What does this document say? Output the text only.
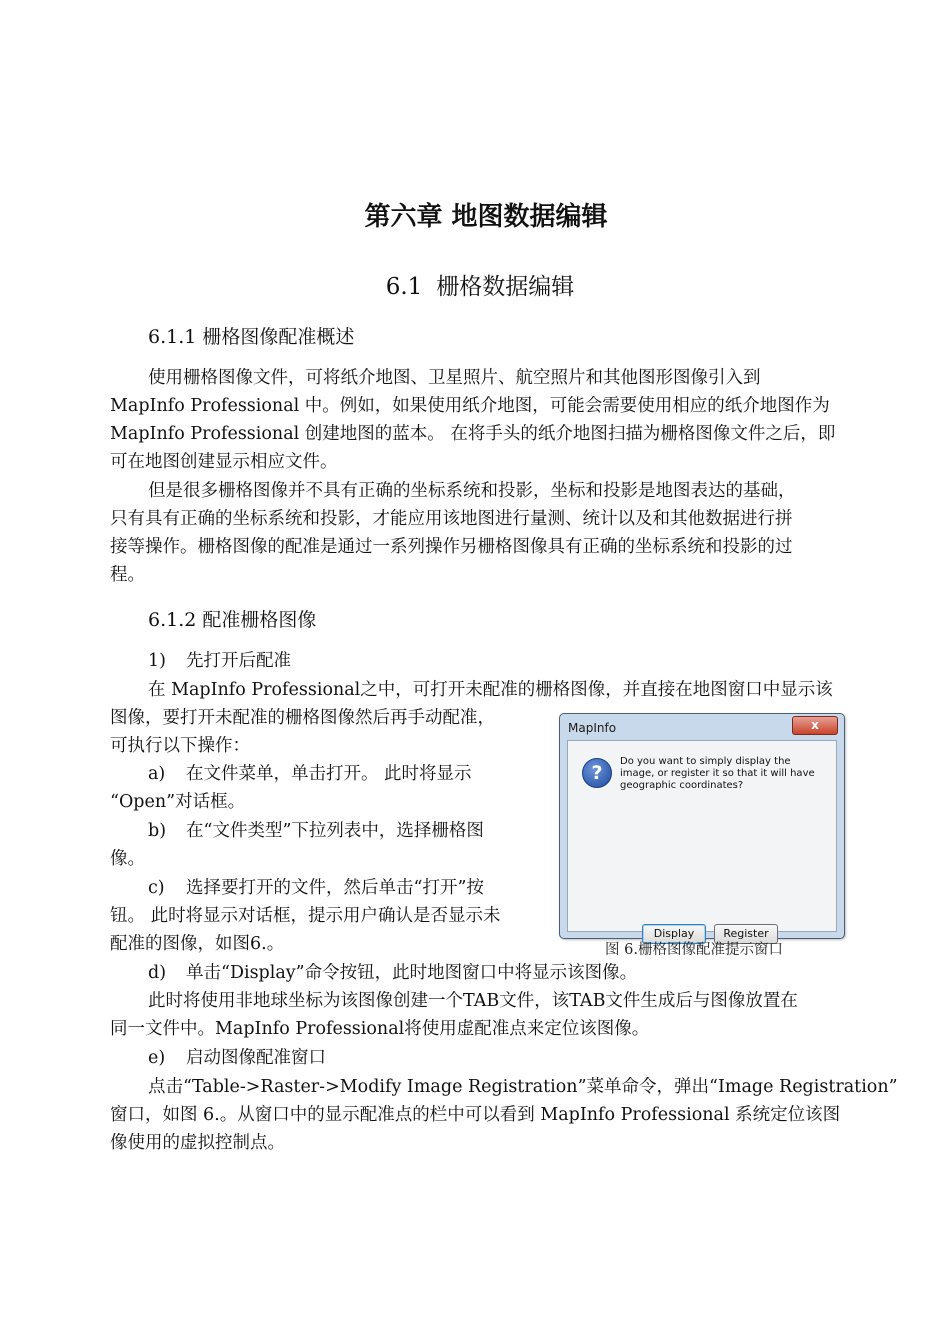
第六章 地图数据编辑
6.1 栅格数据编辑
6.1.1 栅格图像配准概述
使用栅格图像文件，可将纸介地图、卫星照片、航空照片和其他图形图像引入到
MapInfo Professional 中。例如，如果使用纸介地图，可能会需要使用相应的纸介地图作为
MapInfo Professional 创建地图的蓝本。 在将手头的纸介地图扫描为栅格图像文件之后，即
可在地图创建显示相应文件。
但是很多栅格图像并不具有正确的坐标系统和投影，坐标和投影是地图表达的基础，
只有具有正确的坐标系统和投影，才能应用该地图进行量测、统计以及和其他数据进行拼
接等操作。栅格图像的配准是通过一系列操作另栅格图像具有正确的坐标系统和投影的过
程。
6.1.2 配准栅格图像
1) 先打开后配准
在 MapInfo Professional之中，可打开未配准的栅格图像，并直接在地图窗口中显示该
图像，要打开未配准的栅格图像然后再手动配准，
可执行以下操作：
a) 在文件菜单，单击打开。 此时将显示
“Open”对话框。
b) 在“文件类型”下拉列表中，选择栅格图
像。
c) 选择要打开的文件，然后单击“打开”按
钮。 此时将显示对话框，提示用户确认是否显示未
配准的图像，如图6.。
d) 单击“Display”命令按钮，此时地图窗口中将显示该图像。
此时将使用非地球坐标为该图像创建一个TAB文件，该TAB文件生成后与图像放置在
同一文件中。MapInfo Professional将使用虚配准点来定位该图像。
e) 启动图像配准窗口
点击“Table->Raster->Modify Image Registration”菜单命令，弹出“Image Registration”
窗口，如图 6.。从窗口中的显示配准点的栏中可以看到 MapInfo Professional 系统定位该图
像使用的虚拟控制点。
MapInfo	x
?
Do you want to simply display the image, or register it so that it will have geographic coordinates?
Display	Register
图 6.栅格图像配准提示窗口
